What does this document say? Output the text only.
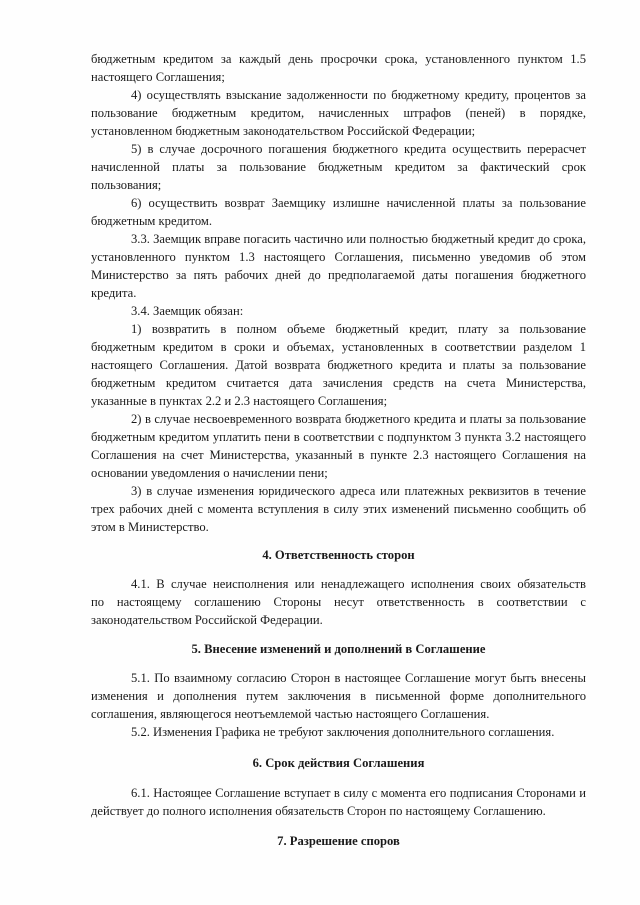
бюджетным кредитом за каждый день просрочки срока, установленного пунктом 1.5
настоящего Соглашения;
4) осуществлять взыскание задолженности по бюджетному кредиту, процентов за
пользование бюджетным кредитом, начисленных штрафов (пеней) в порядке,
установленном бюджетным законодательством Российской Федерации;
5) в случае досрочного погашения бюджетного кредита осуществить перерасчет
начисленной платы за пользование бюджетным кредитом за фактический срок
пользования;
6) осуществить возврат Заемщику излишне начисленной платы за пользование
бюджетным кредитом.
3.3. Заемщик вправе погасить частично или полностью бюджетный кредит до срока,
установленного пунктом 1.3 настоящего Соглашения, письменно уведомив об этом
Министерство за пять рабочих дней до предполагаемой даты погашения бюджетного
кредита.
3.4. Заемщик обязан:
1) возвратить в полном объеме бюджетный кредит, плату за пользование
бюджетным кредитом в сроки и объемах, установленных в соответствии разделом 1
настоящего Соглашения. Датой возврата бюджетного кредита и платы за пользование
бюджетным кредитом считается дата зачисления средств на счета Министерства,
указанные в пунктах 2.2 и 2.3 настоящего Соглашения;
2) в случае несвоевременного возврата бюджетного кредита и платы за пользование
бюджетным кредитом уплатить пени в соответствии с подпунктом 3 пункта 3.2 настоящего
Соглашения на счет Министерства, указанный в пункте 2.3 настоящего Соглашения на
основании уведомления о начислении пени;
3) в случае изменения юридического адреса или платежных реквизитов в течение
трех рабочих дней с момента вступления в силу этих изменений письменно сообщить об
этом в Министерство.
4. Ответственность сторон
4.1. В случае неисполнения или ненадлежащего исполнения своих обязательств
по настоящему соглашению Стороны несут ответственность в соответствии с
законодательством Российской Федерации.
5. Внесение изменений и дополнений в Соглашение
5.1. По взаимному согласию Сторон в настоящее Соглашение могут быть внесены
изменения и дополнения путем заключения в письменной форме дополнительного
соглашения, являющегося неотъемлемой частью настоящего Соглашения.
5.2. Изменения Графика не требуют заключения дополнительного соглашения.
6. Срок действия Соглашения
6.1. Настоящее Соглашение вступает в силу с момента его подписания Сторонами и
действует до полного исполнения обязательств Сторон по настоящему Соглашению.
7. Разрешение споров
